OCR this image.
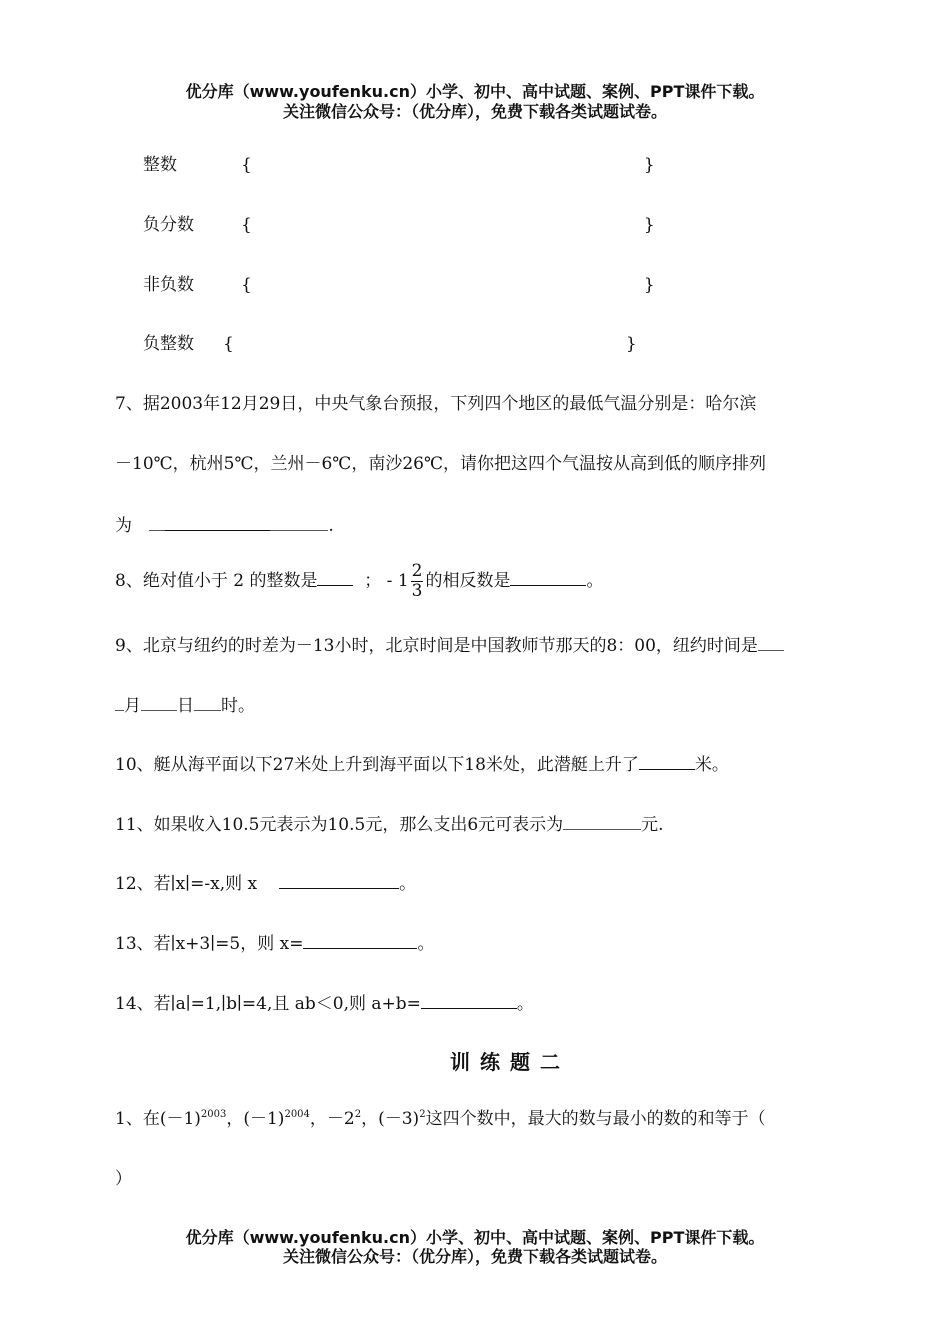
优分库（www.youfenku.cn）小学、初中、高中试题、案例、PPT课件下载。
关注微信公众号：（优分库），免费下载各类试题试卷。
整数	{	}
负分数	{	}
非负数	{	}
负整数 {	}
7、据2003年12月29日，中央气象台预报，下列四个地区的最低气温分别是：哈尔滨
－10℃，杭州5℃，兰州－6℃，南沙26℃，请你把这四个气温按从高到低的顺序排列
为	.
8、绝对值小于 2 的整数是	； - $1 \frac{2}{3}$ 的相反数是	。
9、北京与纽约的时差为－13小时，北京时间是中国教师节那天的8：00，纽约时间是
月 日 时。
10、艇从海平面以下27米处上升到海平面以下18米处，此潜艇上升了	米。
11、如果收入10.5元表示为10.5元，那么支出6元可表示为	元.
12、若∣x∣=-x,则 x	。
13、若∣x+3∣=5，则 x=	。
14、若∣a∣=1,∣b∣=4,且 ab＜0,则 a+b=	。
训练题二
1、在$(-1)^{2003}$，$(-1)^{2004}$，$-2^2$，$(-3)^2$这四个数中，最大的数与最小的数的和等于（
）
优分库（www.youfenku.cn）小学、初中、高中试题、案例、PPT课件下载。
关注微信公众号：（优分库），免费下载各类试题试卷。
